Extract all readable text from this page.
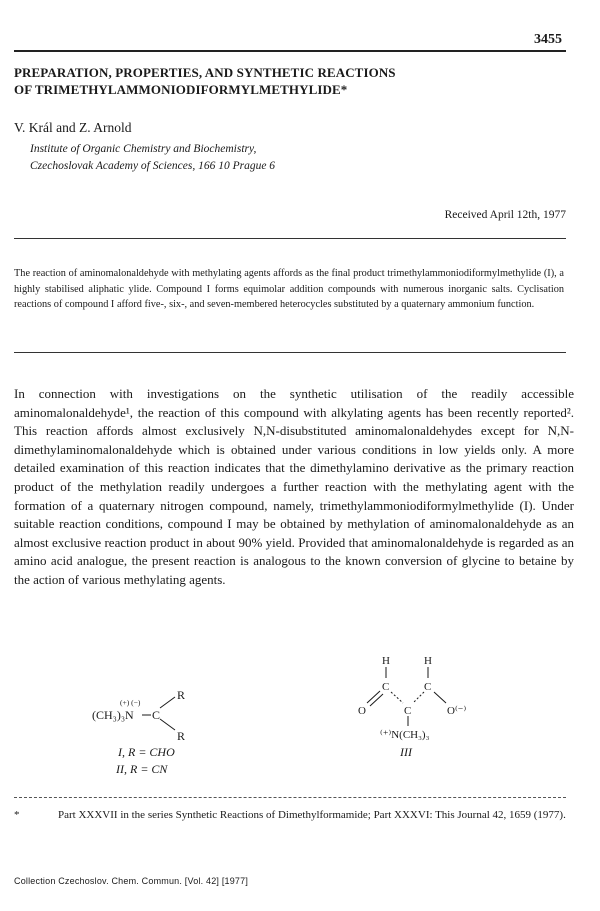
3455
PREPARATION, PROPERTIES, AND SYNTHETIC REACTIONS
OF TRIMETHYLAMMONIODIFORMYLMETHYLIDE*
V. Král and Z. Arnold
Institute of Organic Chemistry and Biochemistry,
Czechoslovak Academy of Sciences, 166 10 Prague 6
Received April 12th, 1977
The reaction of aminomalonaldehyde with methylating agents affords as the final product trimethylammoniodiformylmethylide (I), a highly stabilised aliphatic ylide. Compound I forms equimolar addition compounds with numerous inorganic salts. Cyclisation reactions of compound I afford five-, six-, and seven-membered heterocycles substituted by a quaternary ammonium function.
In connection with investigations on the synthetic utilisation of the readily accessible aminomalonaldehyde¹, the reaction of this compound with alkylating agents has been recently reported². This reaction affords almost exclusively N,N-disubstituted aminomalonaldehydes except for N,N-dimethylaminomalonaldehyde which is obtained under various conditions in low yields only. A more detailed examination of this reaction indicates that the dimethylamino derivative as the primary reaction product of the methylation readily undergoes a further reaction with the methylating agent with the formation of a quaternary nitrogen compound, namely, trimethylammoniodiformylmethylide (I). Under suitable reaction conditions, compound I may be obtained by methylation of aminomalonaldehyde as an almost exclusive reaction product in about 90% yield. Provided that aminomalonaldehyde is regarded as an amino acid analogue, the present reaction is analogous to the known conversion of glycine to betaine by the action of various methylating agents.
(CH₃)₃N
(+) (−)
C
R
R
I, R = CHO
II, R = CN
H	H
C	C
O	O⁽⁻⁾
C
⁽⁺⁾N(CH₃)₃
III
*	Part XXXVII in the series Synthetic Reactions of Dimethylformamide; Part XXXVI: This Journal 42, 1659 (1977).
Collection Czechoslov. Chem. Commun. [Vol. 42] [1977]
